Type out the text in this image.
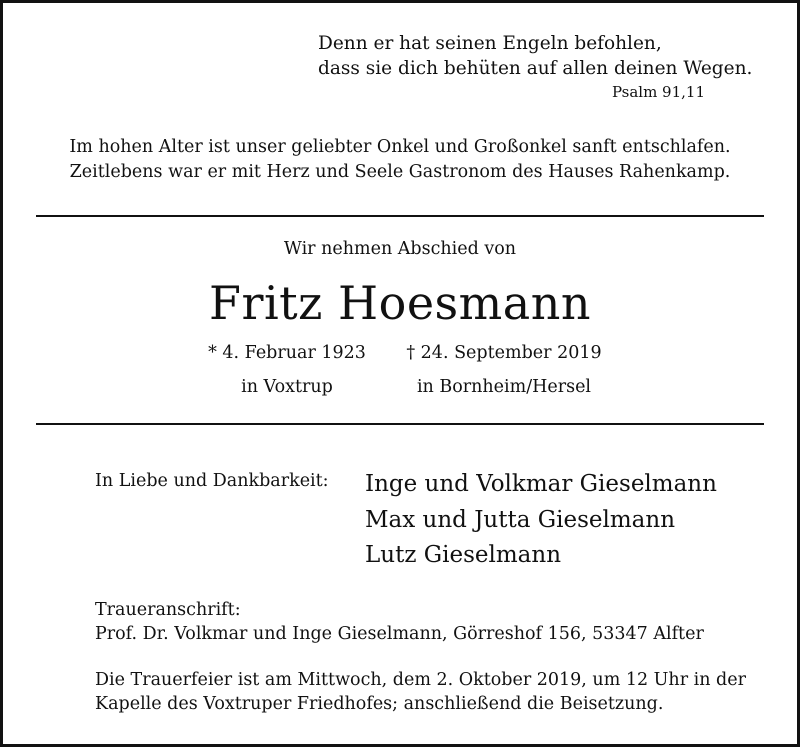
Denn er hat seinen Engeln befohlen,
dass sie dich behüten auf allen deinen Wegen.
Psalm 91,11
Im hohen Alter ist unser geliebter Onkel und Großonkel sanft entschlafen.
Zeitlebens war er mit Herz und Seele Gastronom des Hauses Rahenkamp.
Wir nehmen Abschied von
Fritz Hoesmann
* 4. Februar 1923
in Voxtrup
† 24. September 2019
in Bornheim/Hersel
In Liebe und Dankbarkeit: Inge und Volkmar Gieselmann
Max und Jutta Gieselmann
Lutz Gieselmann
Traueranschrift:
Prof. Dr. Volkmar und Inge Gieselmann, Görreshof 156, 53347 Alfter
Die Trauerfeier ist am Mittwoch, dem 2. Oktober 2019, um 12 Uhr in der
Kapelle des Voxtruper Friedhofes; anschließend die Beisetzung.
